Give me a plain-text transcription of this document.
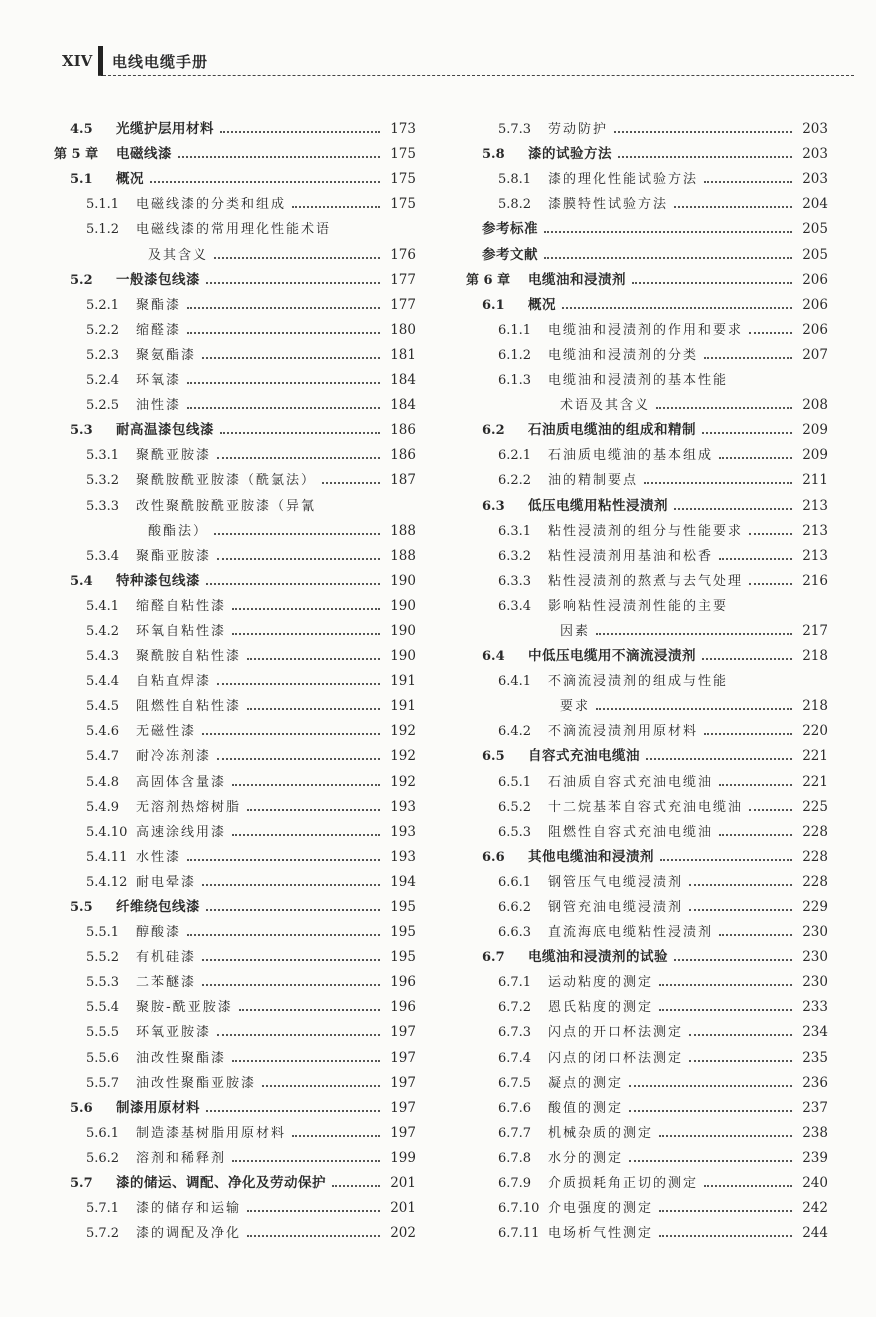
XIV 电线电缆手册
4.5	光缆护层用材料	173
第 5 章	电磁线漆	175
5.1	概况	175
5.1.1	电磁线漆的分类和组成	175
5.1.2	电磁线漆的常用理化性能术语
及其含义	176
5.2	一般漆包线漆	177
5.2.1	聚酯漆	177
5.2.2	缩醛漆	180
5.2.3	聚氨酯漆	181
5.2.4	环氧漆	184
5.2.5	油性漆	184
5.3	耐高温漆包线漆	186
5.3.1	聚酰亚胺漆	186
5.3.2	聚酰胺酰亚胺漆（酰氯法）	187
5.3.3	改性聚酰胺酰亚胺漆（异氰
酸酯法）	188
5.3.4	聚酯亚胺漆	188
5.4	特种漆包线漆	190
5.4.1	缩醛自粘性漆	190
5.4.2	环氧自粘性漆	190
5.4.3	聚酰胺自粘性漆	190
5.4.4	自粘直焊漆	191
5.4.5	阻燃性自粘性漆	191
5.4.6	无磁性漆	192
5.4.7	耐冷冻剂漆	192
5.4.8	高固体含量漆	192
5.4.9	无溶剂热熔树脂	193
5.4.10 高速涂线用漆	193
5.4.11 水性漆	193
5.4.12 耐电晕漆	194
5.5	纤维绕包线漆	195
5.5.1	醇酸漆	195
5.5.2	有机硅漆	195
5.5.3	二苯醚漆	196
5.5.4	聚胺-酰亚胺漆	196
5.5.5	环氧亚胺漆	197
5.5.6	油改性聚酯漆	197
5.5.7	油改性聚酯亚胺漆	197
5.6	制漆用原材料	197
5.6.1	制造漆基树脂用原材料	197
5.6.2	溶剂和稀释剂	199
5.7	漆的储运、调配、净化及劳动保护	201
5.7.1	漆的储存和运输	201
5.7.2	漆的调配及净化	202
5.7.3	劳动防护	203
5.8	漆的试验方法	203
5.8.1	漆的理化性能试验方法	203
5.8.2	漆膜特性试验方法	204
参考标准	205
参考文献	205
第 6 章	电缆油和浸渍剂	206
6.1	概况	206
6.1.1	电缆油和浸渍剂的作用和要求	206
6.1.2	电缆油和浸渍剂的分类	207
6.1.3	电缆油和浸渍剂的基本性能
术语及其含义	208
6.2	石油质电缆油的组成和精制	209
6.2.1	石油质电缆油的基本组成	209
6.2.2	油的精制要点	211
6.3	低压电缆用粘性浸渍剂	213
6.3.1	粘性浸渍剂的组分与性能要求	213
6.3.2	粘性浸渍剂用基油和松香	213
6.3.3	粘性浸渍剂的熬煮与去气处理	216
6.3.4	影响粘性浸渍剂性能的主要
因素	217
6.4	中低压电缆用不滴流浸渍剂	218
6.4.1	不滴流浸渍剂的组成与性能
要求	218
6.4.2	不滴流浸渍剂用原材料	220
6.5	自容式充油电缆油	221
6.5.1	石油质自容式充油电缆油	221
6.5.2	十二烷基苯自容式充油电缆油	225
6.5.3	阻燃性自容式充油电缆油	228
6.6	其他电缆油和浸渍剂	228
6.6.1	钢管压气电缆浸渍剂	228
6.6.2	钢管充油电缆浸渍剂	229
6.6.3	直流海底电缆粘性浸渍剂	230
6.7	电缆油和浸渍剂的试验	230
6.7.1	运动粘度的测定	230
6.7.2	恩氏粘度的测定	233
6.7.3	闪点的开口杯法测定	234
6.7.4	闪点的闭口杯法测定	235
6.7.5	凝点的测定	236
6.7.6	酸值的测定	237
6.7.7	机械杂质的测定	238
6.7.8	水分的测定	239
6.7.9	介质损耗角正切的测定	240
6.7.10 介电强度的测定	242
6.7.11 电场析气性测定	244
